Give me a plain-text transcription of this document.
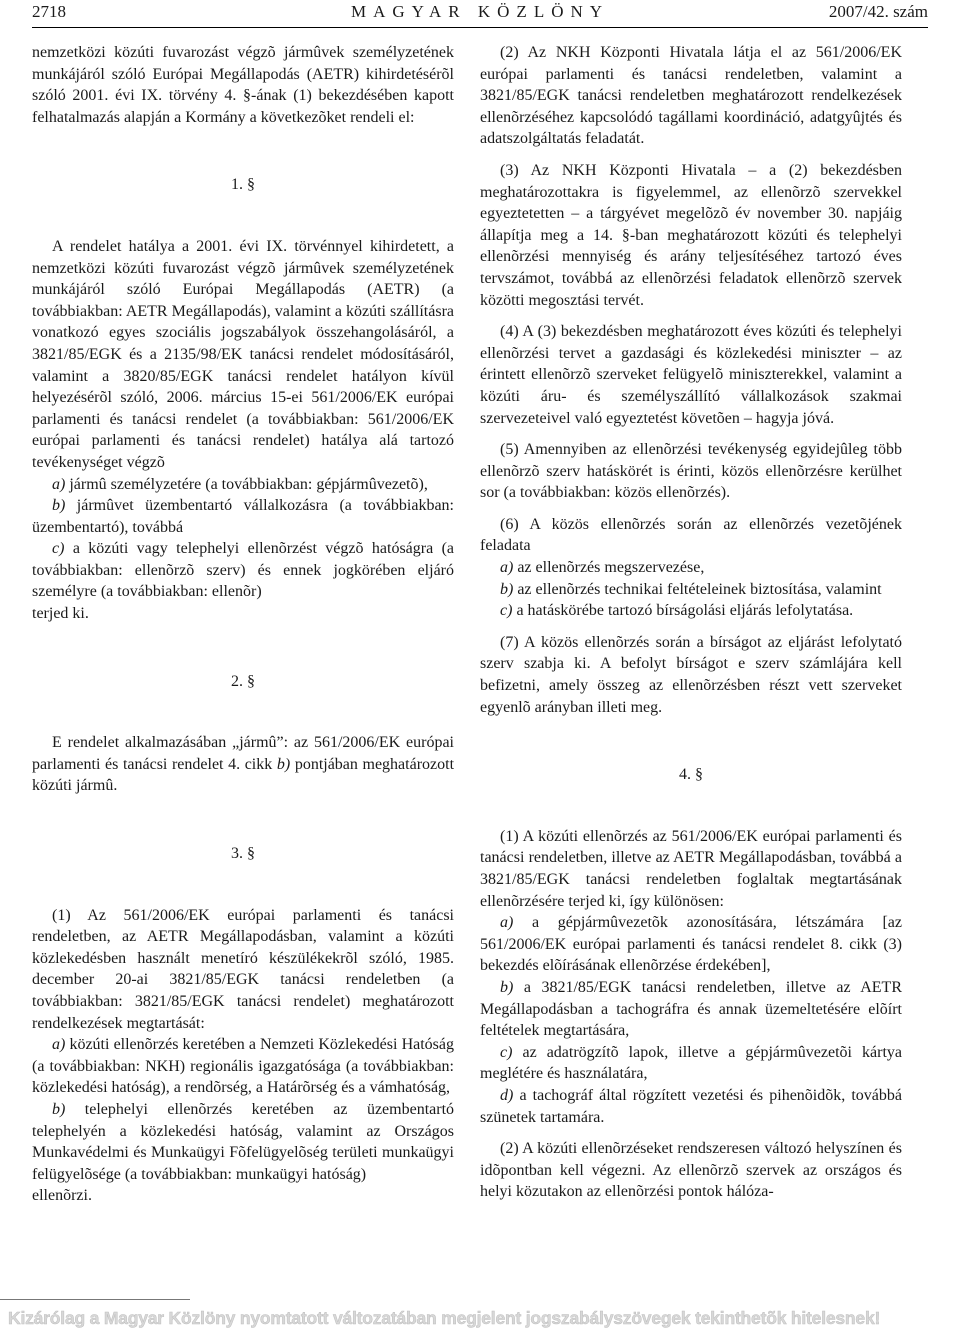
2718	MAGYAR KÖZLÖNY	2007/42. szám

nemzetközi közúti fuvarozást végzõ jármûvek személyzetének munkájáról szóló Európai Megállapodás (AETR) kihirdetésérõl szóló 2001. évi IX. törvény 4. §-ának (1) bekezdésében kapott felhatalmazás alapján a Kormány a következõket rendeli el:

1. §

A rendelet hatálya a 2001. évi IX. törvénnyel kihirdetett, a nemzetközi közúti fuvarozást végzõ jármûvek személyzetének munkájáról szóló Európai Megállapodás (AETR) (a továbbiakban: AETR Megállapodás), valamint a közúti szállításra vonatkozó egyes szociális jogszabályok összehangolásáról, a 3821/85/EGK és a 2135/98/EK tanácsi rendelet módosításáról, valamint a 3820/85/EGK tanácsi rendelet hatályon kívül helyezésérõl szóló, 2006. március 15-ei 561/2006/EK európai parlamenti és tanácsi rendelet (a továbbiakban: 561/2006/EK európai parlamenti és tanácsi rendelet) hatálya alá tartozó tevékenységet végzõ

a) jármû személyzetére (a továbbiakban: gépjármûvezetõ),

b) jármûvet üzembentartó vállalkozásra (a továbbiakban: üzembentartó), továbbá

c) a közúti vagy telephelyi ellenõrzést végzõ hatóságra (a továbbiakban: ellenõrzõ szerv) és ennek jogkörében eljáró személyre (a továbbiakban: ellenõr)

terjed ki.

2. §

E rendelet alkalmazásában „jármû”: az 561/2006/EK európai parlamenti és tanácsi rendelet 4. cikk b) pontjában meghatározott közúti jármû.

3. §

(1) Az 561/2006/EK európai parlamenti és tanácsi rendeletben, az AETR Megállapodásban, valamint a közúti közlekedésben használt menetíró készülékekrõl szóló, 1985. december 20-ai 3821/85/EGK tanácsi rendeletben (a továbbiakban: 3821/85/EGK tanácsi rendelet) meghatározott rendelkezések megtartását:

a) közúti ellenõrzés keretében a Nemzeti Közlekedési Hatóság (a továbbiakban: NKH) regionális igazgatósága (a továbbiakban: közlekedési hatóság), a rendõrség, a Határõrség és a vámhatóság,

b) telephelyi ellenõrzés keretében az üzembentartó telephelyén a közlekedési hatóság, valamint az Országos Munkavédelmi és Munkaügyi Fõfelügyelõség területi munkaügyi felügyelõsége (a továbbiakban: munkaügyi hatóság)

ellenõrzi.

(2) Az NKH Központi Hivatala látja el az 561/2006/EK európai parlamenti és tanácsi rendeletben, valamint a 3821/85/EGK tanácsi rendeletben meghatározott rendelkezések ellenõrzéséhez kapcsolódó tagállami koordináció, adatgyûjtés és adatszolgáltatás feladatát.

(3) Az NKH Központi Hivatala – a (2) bekezdésben meghatározottakra is figyelemmel, az ellenõrzõ szervekkel egyeztetetten – a tárgyévet megelõzõ év november 30. napjáig állapítja meg a 14. §-ban meghatározott közúti és telephelyi ellenõrzési mennyiség és arány teljesítéséhez tartozó éves tervszámot, továbbá az ellenõrzési feladatok ellenõrzõ szervek közötti megosztási tervét.

(4) A (3) bekezdésben meghatározott éves közúti és telephelyi ellenõrzési tervet a gazdasági és közlekedési miniszter – az érintett ellenõrzõ szerveket felügyelõ miniszterekkel, valamint a közúti áru- és személyszállító vállalkozások szakmai szervezeteivel való egyeztetést követõen – hagyja jóvá.

(5) Amennyiben az ellenõrzési tevékenység egyidejûleg több ellenõrzõ szerv hatáskörét is érinti, közös ellenõrzésre kerülhet sor (a továbbiakban: közös ellenõrzés).

(6) A közös ellenõrzés során az ellenõrzés vezetõjének feladata

a) az ellenõrzés megszervezése,

b) az ellenõrzés technikai feltételeinek biztosítása, valamint

c) a hatáskörébe tartozó bírságolási eljárás lefolytatása.

(7) A közös ellenõrzés során a bírságot az eljárást lefolytató szerv szabja ki. A befolyt bírságot e szerv számlájára kell befizetni, amely összeg az ellenõrzésben részt vett szerveket egyenlõ arányban illeti meg.

4. §

(1) A közúti ellenõrzés az 561/2006/EK európai parlamenti és tanácsi rendeletben, illetve az AETR Megállapodásban, továbbá a 3821/85/EGK tanácsi rendeletben foglaltak megtartásának ellenõrzésére terjed ki, így különösen:

a) a gépjármûvezetõk azonosítására, létszámára [az 561/2006/EK európai parlamenti és tanácsi rendelet 8. cikk (3) bekezdés elõírásának ellenõrzése érdekében],

b) a 3821/85/EGK tanácsi rendeletben, illetve az AETR Megállapodásban a tachográfra és annak üzemeltetésére elõírt feltételek megtartására,

c) az adatrögzítõ lapok, illetve a gépjármûvezetõi kártya meglétére és használatára,

d) a tachográf által rögzített vezetési és pihenõidõk, továbbá szünetek tartamára.

(2) A közúti ellenõrzéseket rendszeresen változó helyszínen és idõpontban kell végezni. Az ellenõrzõ szervek az országos és helyi közutakon az ellenõrzési pontok hálóza-

Kizárólag a Magyar Közlöny nyomtatott változatában megjelent jogszabályszövegek tekinthetõk hitelesnek!
